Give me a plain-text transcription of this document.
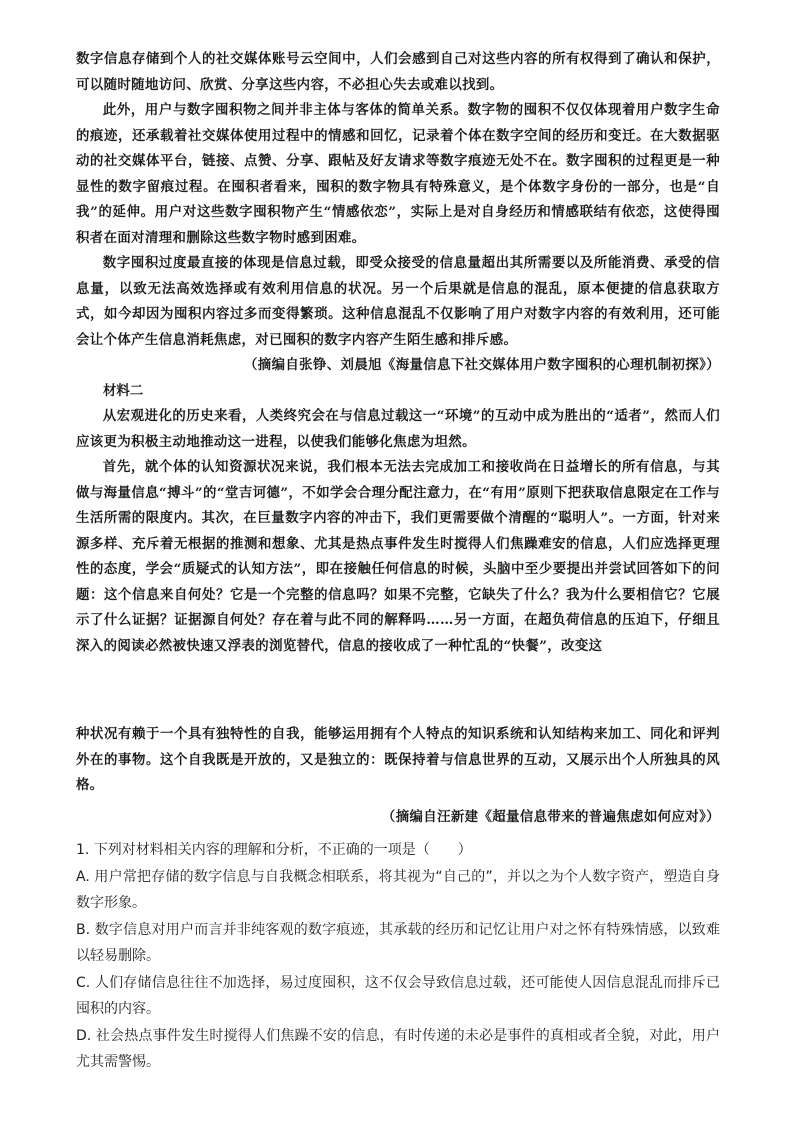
数字信息存储到个人的社交媒体账号云空间中，人们会感到自己对这些内容的所有权得到了确认和保护，可以随时随地访问、欣赏、分享这些内容，不必担心失去或难以找到。

此外，用户与数字囤积物之间并非主体与客体的简单关系。数字物的囤积不仅仅体现着用户数字生命的痕迹，还承载着社交媒体使用过程中的情感和回忆，记录着个体在数字空间的经历和变迁。在大数据驱动的社交媒体平台，链接、点赞、分享、跟帖及好友请求等数字痕迹无处不在。数字囤积的过程更是一种显性的数字留痕过程。在囤积者看来，囤积的数字物具有特殊意义，是个体数字身份的一部分，也是“自我”的延伸。用户对这些数字囤积物产生“情感依恋”，实际上是对自身经历和情感联结有依恋，这使得囤积者在面对清理和删除这些数字物时感到困难。

数字囤积过度最直接的体现是信息过载，即受众接受的信息量超出其所需要以及所能消费、承受的信息量，以致无法高效选择或有效利用信息的状况。另一个后果就是信息的混乱，原本便捷的信息获取方式，如今却因为囤积内容过多而变得繁琐。这种信息混乱不仅影响了用户对数字内容的有效利用，还可能会让个体产生信息消耗焦虑，对已囤积的数字内容产生陌生感和排斥感。

（摘编自张铮、刘晨旭《海量信息下社交媒体用户数字囤积的心理机制初探》）

材料二

从宏观进化的历史来看，人类终究会在与信息过载这一“环境”的互动中成为胜出的“适者”，然而人们应该更为积极主动地推动这一进程，以使我们能够化焦虑为坦然。

首先，就个体的认知资源状况来说，我们根本无法去完成加工和接收尚在日益增长的所有信息，与其做与海量信息“搏斗”的“堂吉诃德”，不如学会合理分配注意力，在“有用”原则下把获取信息限定在工作与生活所需的限度内。其次，在巨量数字内容的冲击下，我们更需要做个清醒的“聪明人”。一方面，针对来源多样、充斥着无根据的推测和想象、尤其是热点事件发生时搅得人们焦躁难安的信息，人们应选择更理性的态度，学会“质疑式的认知方法”，即在接触任何信息的时候，头脑中至少要提出并尝试回答如下的问题：这个信息来自何处？它是一个完整的信息吗？如果不完整，它缺失了什么？我为什么要相信它？它展示了什么证据？证据源自何处？存在着与此不同的解释吗……另一方面，在超负荷信息的压迫下，仔细且深入的阅读必然被快速又浮表的浏览替代，信息的接收成了一种忙乱的“快餐”，改变这

种状况有赖于一个具有独特性的自我，能够运用拥有个人特点的知识系统和认知结构来加工、同化和评判外在的事物。这个自我既是开放的，又是独立的：既保持着与信息世界的互动，又展示出个人所独具的风格。

（摘编自汪新建《超量信息带来的普遍焦虑如何应对》）

1. 下列对材料相关内容的理解和分析，不正确的一项是（　　）

A. 用户常把存储的数字信息与自我概念相联系，将其视为“自己的”，并以之为个人数字资产，塑造自身数字形象。

B. 数字信息对用户而言并非纯客观的数字痕迹，其承载的经历和记忆让用户对之怀有特殊情感，以致难以轻易删除。

C. 人们存储信息往往不加选择，易过度囤积，这不仅会导致信息过载，还可能使人因信息混乱而排斥已囤积的内容。

D. 社会热点事件发生时搅得人们焦躁不安的信息，有时传递的未必是事件的真相或者全貌，对此，用户尤其需警惕。
